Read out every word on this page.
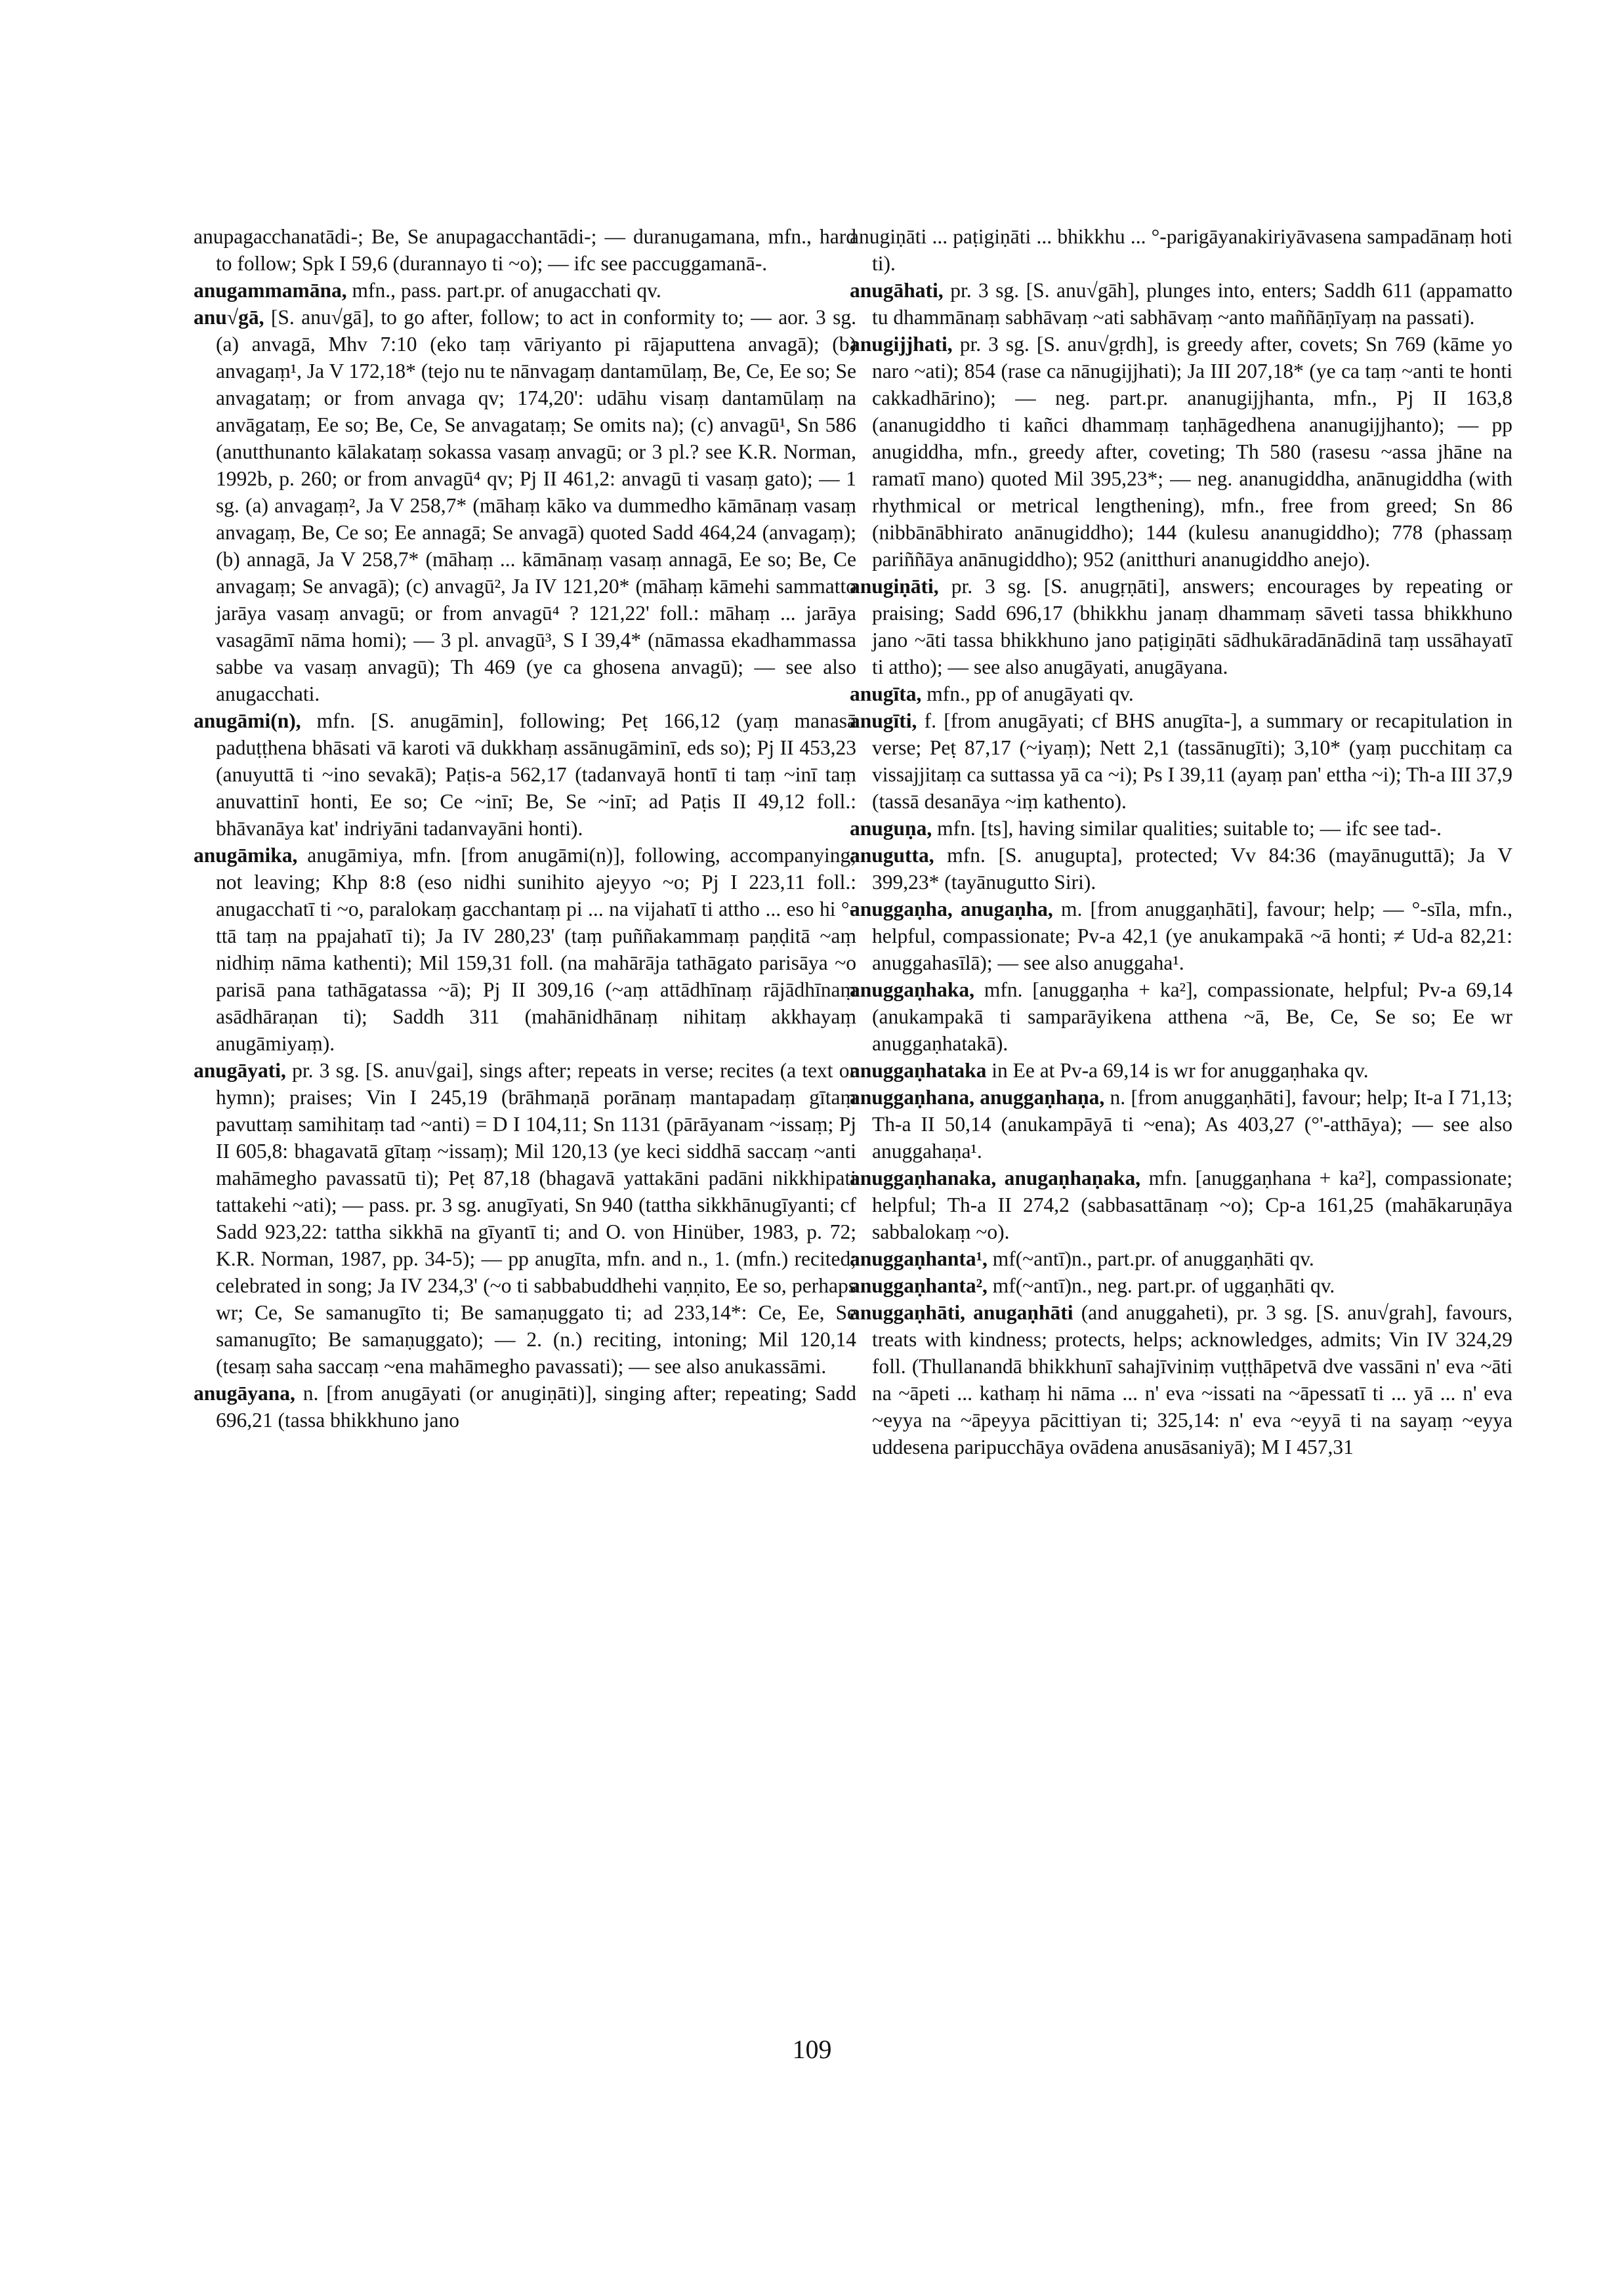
anupagacchanatādi-; Be, Se anupagacchantādi-; — duranugamana, mfn., hard to follow; Spk I 59,6 (durannayo ti ~o); — ifc see paccuggamanā-.

anugammamāna, mfn., pass. part.pr. of anugacchati qv.

anu√gā, [S. anu√gā], to go after, follow; to act in conformity to; — aor. 3 sg. (a) anvagā, Mhv 7:10 (eko taṃ vāriyanto pi rājaputtena anvagā); (b) anvagaṃ¹, Ja V 172,18* (tejo nu te nānvagaṃ dantamūlaṃ, Be, Ce, Ee so; Se anvagataṃ; or from anvaga qv; 174,20': udāhu visaṃ dantamūlaṃ na anvāgataṃ, Ee so; Be, Ce, Se anvagataṃ; Se omits na); (c) anvagū¹, Sn 586 (anutthunanto kālakataṃ sokassa vasaṃ anvagū; or 3 pl.? see K.R. Norman, 1992b, p. 260; or from anvagū⁴ qv; Pj II 461,2: anvagū ti vasaṃ gato); — 1 sg. (a) anvagaṃ², Ja V 258,7* (māhaṃ kāko va dummedho kāmānaṃ vasaṃ anvagaṃ, Be, Ce so; Ee annagā; Se anvagā) quoted Sadd 464,24 (anvagaṃ); (b) annagā, Ja V 258,7* (māhaṃ ... kāmānaṃ vasaṃ annagā, Ee so; Be, Ce anvagaṃ; Se anvagā); (c) anvagū², Ja IV 121,20* (māhaṃ kāmehi sammatto jarāya vasaṃ anvagū; or from anvagū⁴ ? 121,22' foll.: māhaṃ ... jarāya vasagāmī nāma homi); — 3 pl. anvagū³, S I 39,4* (nāmassa ekadhammassa sabbe va vasaṃ anvagū); Th 469 (ye ca ghosena anvagū); — see also anugacchati.

anugāmi(n), mfn. [S. anugāmin], following; Peṭ 166,12 (yaṃ manasā paduṭṭhena bhāsati vā karoti vā dukkhaṃ assānugāminī, eds so); Pj II 453,23 (anuyuttā ti ~ino sevakā); Paṭis-a 562,17 (tadanvayā hontī ti taṃ ~inī taṃ anuvattinī honti, Ee so; Ce ~inī; Be, Se ~inī; ad Paṭis II 49,12 foll.: bhāvanāya kat' indriyāni tadanvayāni honti).

anugāmika, anugāmiya, mfn. [from anugāmi(n)], following, accompanying; not leaving; Khp 8:8 (eso nidhi sunihito ajeyyo ~o; Pj I 223,11 foll.: anugacchatī ti ~o, paralokaṃ gacchantaṃ pi ... na vijahatī ti attho ... eso hi °-ttā taṃ na ppajahatī ti); Ja IV 280,23' (taṃ puññakammaṃ paṇḍitā ~aṃ nidhiṃ nāma kathenti); Mil 159,31 foll. (na mahārāja tathāgato parisāya ~o parisā pana tathāgatassa ~ā); Pj II 309,16 (~aṃ attādhīnaṃ rājādhīnaṃ asādhāraṇan ti); Saddh 311 (mahānidhānaṃ nihitaṃ akkhayaṃ anugāmiyaṃ).

anugāyati, pr. 3 sg. [S. anu√gai], sings after; repeats in verse; recites (a text or hymn); praises; Vin I 245,19 (brāhmaṇā porānaṃ mantapadaṃ gītaṃ pavuttaṃ samihitaṃ tad ~anti) = D I 104,11; Sn 1131 (pārāyanam ~issaṃ; Pj II 605,8: bhagavatā gītaṃ ~issaṃ); Mil 120,13 (ye keci siddhā saccaṃ ~anti mahāmegho pavassatū ti); Peṭ 87,18 (bhagavā yattakāni padāni nikkhipati tattakehi ~ati); — pass. pr. 3 sg. anugīyati, Sn 940 (tattha sikkhānugīyanti; cf Sadd 923,22: tattha sikkhā na gīyantī ti; and O. von Hinüber, 1983, p. 72; K.R. Norman, 1987, pp. 34-5); — pp anugīta, mfn. and n., 1. (mfn.) recited; celebrated in song; Ja IV 234,3' (~o ti sabbabuddhehi vaṇṇito, Ee so, perhaps wr; Ce, Se samanugīto ti; Be samaṇuggato ti; ad 233,14*: Ce, Ee, Se samanugīto; Be samaṇuggato); — 2. (n.) reciting, intoning; Mil 120,14 (tesaṃ saha saccaṃ ~ena mahāmegho pavassati); — see also anukassāmi.

anugāyana, n. [from anugāyati (or anugiṇāti)], singing after; repeating; Sadd 696,21 (tassa bhikkhuno jano

anugiṇāti ... paṭigiṇāti ... bhikkhu ... °-parigāyanakiriyāvasena sampadānaṃ hoti ti).

anugāhati, pr. 3 sg. [S. anu√gāh], plunges into, enters; Saddh 611 (appamatto tu dhammānaṃ sabhāvaṃ ~ati sabhāvaṃ ~anto maññāṇīyaṃ na passati).

anugijjhati, pr. 3 sg. [S. anu√gṛdh], is greedy after, covets; Sn 769 (kāme yo naro ~ati); 854 (rase ca nānugijjhati); Ja III 207,18* (ye ca taṃ ~anti te honti cakkadhārino); — neg. part.pr. ananugijjhanta, mfn., Pj II 163,8 (ananugiddho ti kañci dhammaṃ taṇhāgedhena ananugijjhanto); — pp anugiddha, mfn., greedy after, coveting; Th 580 (rasesu ~assa jhāne na ramatī mano) quoted Mil 395,23*; — neg. ananugiddha, anānugiddha (with rhythmical or metrical lengthening), mfn., free from greed; Sn 86 (nibbānābhirato anānugiddho); 144 (kulesu ananugiddho); 778 (phassaṃ pariññāya anānugiddho); 952 (anitthuri ananugiddho anejo).

anugiṇāti, pr. 3 sg. [S. anugṛṇāti], answers; encourages by repeating or praising; Sadd 696,17 (bhikkhu janaṃ dhammaṃ sāveti tassa bhikkhuno jano ~āti tassa bhikkhuno jano paṭigiṇāti sādhukāradānādinā taṃ ussāhayatī ti attho); — see also anugāyati, anugāyana.

anugīta, mfn., pp of anugāyati qv.

anugīti, f. [from anugāyati; cf BHS anugīta-], a summary or recapitulation in verse; Peṭ 87,17 (~iyaṃ); Nett 2,1 (tassānugīti); 3,10* (yaṃ pucchitaṃ ca vissajjitaṃ ca suttassa yā ca ~i); Ps I 39,11 (ayaṃ pan' ettha ~i); Th-a III 37,9 (tassā desanāya ~iṃ kathento).

anuguṇa, mfn. [ts], having similar qualities; suitable to; — ifc see tad-.

anugutta, mfn. [S. anugupta], protected; Vv 84:36 (mayānuguttā); Ja V 399,23* (tayānugutto Siri).

anuggaṇha, anugaṇha, m. [from anuggaṇhāti], favour; help; — °-sīla, mfn., helpful, compassionate; Pv-a 42,1 (ye anukampakā ~ā honti; ≠ Ud-a 82,21: anuggahasīlā); — see also anuggaha¹.

anuggaṇhaka, mfn. [anuggaṇha + ka²], compassionate, helpful; Pv-a 69,14 (anukampakā ti samparāyikena atthena ~ā, Be, Ce, Se so; Ee wr anuggaṇhatakā).

anuggaṇhataka in Ee at Pv-a 69,14 is wr for anuggaṇhaka qv.

anuggaṇhana, anuggaṇhaṇa, n. [from anuggaṇhāti], favour; help; It-a I 71,13; Th-a II 50,14 (anukampāyā ti ~ena); As 403,27 (°'-atthāya); — see also anuggahaṇa¹.

anuggaṇhanaka, anugaṇhaṇaka, mfn. [anuggaṇhana + ka²], compassionate; helpful; Th-a II 274,2 (sabbasattānaṃ ~o); Cp-a 161,25 (mahākaruṇāya sabbalokaṃ ~o).

anuggaṇhanta¹, mf(~antī)n., part.pr. of anuggaṇhāti qv.

anuggaṇhanta², mf(~antī)n., neg. part.pr. of uggaṇhāti qv.

anuggaṇhāti, anugaṇhāti (and anuggaheti), pr. 3 sg. [S. anu√grah], favours, treats with kindness; protects, helps; acknowledges, admits; Vin IV 324,29 foll. (Thullanandā bhikkhunī sahajīviniṃ vuṭṭhāpetvā dve vassāni n' eva ~āti na ~āpeti ... kathaṃ hi nāma ... n' eva ~issati na ~āpessatī ti ... yā ... n' eva ~eyya na ~āpeyya pācittiyan ti; 325,14: n' eva ~eyyā ti na sayaṃ ~eyya uddesena paripucchāya ovādena anusāsaniyā); M I 457,31

109
